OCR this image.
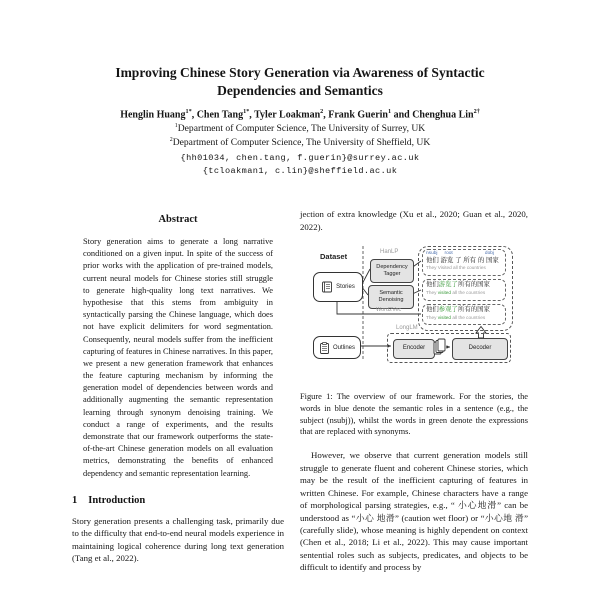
Improving Chinese Story Generation via Awareness of Syntactic Dependencies and Semantics
Henglin Huang$^{1*}$, Chen Tang$^{1*}$, Tyler Loakman$^2$, Frank Guerin$^1$ and Chenghua Lin$^{2\dagger}$
$^1$Department of Computer Science, The University of Surrey, UK
$^2$Department of Computer Science, The University of Sheffield, UK
{hh01034, chen.tang, f.guerin}@surrey.ac.uk
{tcloakman1, c.lin}@sheffield.ac.uk
Abstract

Story generation aims to generate a long narrative conditioned on a given input. In spite of the success of prior works with the application of pre-trained models, current neural models for Chinese stories still struggle to generate high-quality long text narratives. We hypothesise that this stems from ambiguity in syntactically parsing the Chinese language, which does not have explicit delimiters for word segmentation. Consequently, neural models suffer from the inefficient capturing of features in Chinese narratives. In this paper, we present a new generation framework that enhances the feature capturing mechanism by informing the generation model of dependencies between words and additionally augmenting the semantic representation learning through synonym denoising training. We conduct a range of experiments, and the results demonstrate that our framework outperforms the state-of-the-art Chinese generation models on all evaluation metrics, demonstrating the benefits of enhanced dependency and semantic representation learning.

1 Introduction

Story generation presents a challenging task, primarily due to the difficulty that end-to-end neural models experience in maintaining logical coherence during long text generation (Tang et al., 2022).

jection of extra knowledge (Xu et al., 2020; Guan et al., 2020, 2022).

Dataset
Stories
HanLP
Dependency Tagger
Semantic Denoising
Word2Vec
nsubj root	dobj
他们 游览 了 所有 的 国家
They Visited all the countries
他们游览了所有的国家
They visited all the countries
他们参观了所有的国家
They visited all the countries
LongLM
Outlines	Encoder	Decoder

Figure 1: The overview of our framework. For the stories, the words in blue denote the semantic roles in a sentence (e.g., the subject (nsubj)), whilst the words in green denote the expressions that are replaced with synonyms.

However, we observe that current generation models still struggle to generate fluent and coherent Chinese stories, which may be the result of the inefficient capturing of features in written Chinese. For example, Chinese characters have a range of morphological parsing strategies, e.g., “ 小心地滑” can be understood as “小心 地滑” (caution wet floor) or “小心地 滑” (carefully slide), whose meaning is highly dependent on context (Chen et al., 2018; Li et al., 2022). This may cause important sentential roles such as subjects, predicates, and objects to be difficult to identify and process by
